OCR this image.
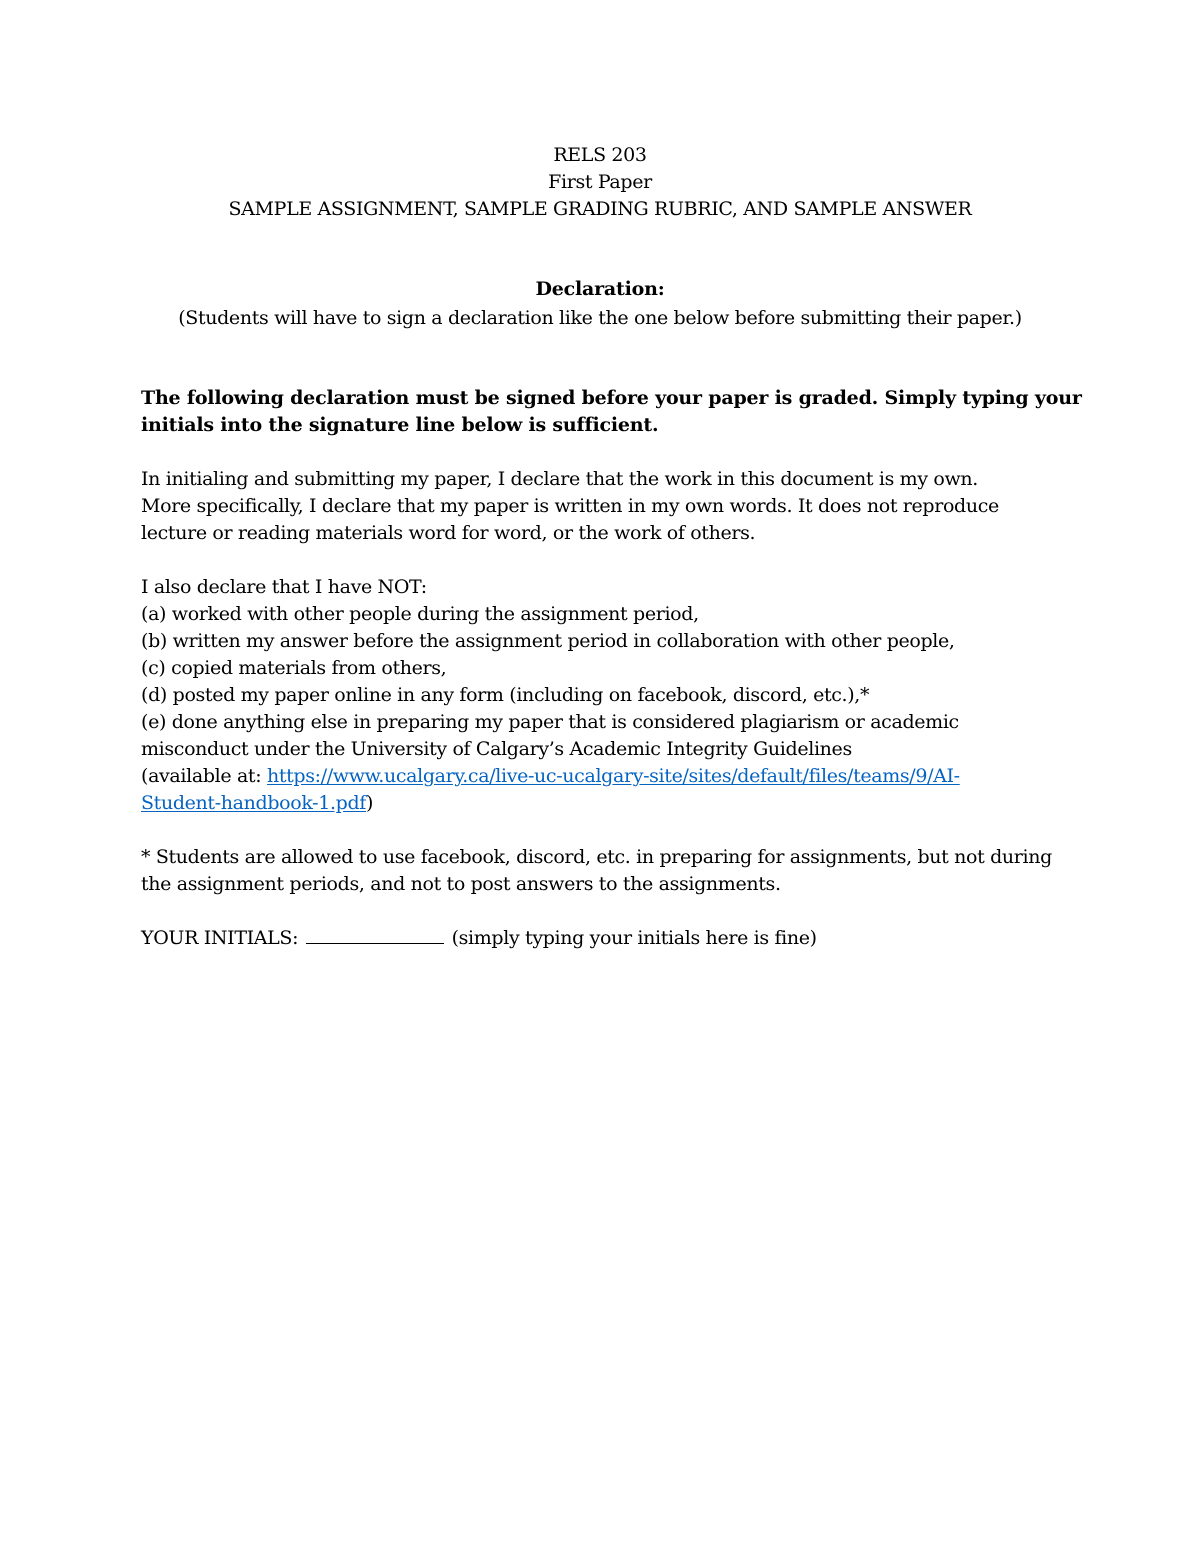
RELS 203
First Paper
SAMPLE ASSIGNMENT, SAMPLE GRADING RUBRIC, AND SAMPLE ANSWER
Declaration:
(Students will have to sign a declaration like the one below before submitting their paper.)
The following declaration must be signed before your paper is graded. Simply typing your
initials into the signature line below is sufficient.
In initialing and submitting my paper, I declare that the work in this document is my own.
More specifically, I declare that my paper is written in my own words. It does not reproduce
lecture or reading materials word for word, or the work of others.
I also declare that I have NOT:
(a) worked with other people during the assignment period,
(b) written my answer before the assignment period in collaboration with other people,
(c) copied materials from others,
(d) posted my paper online in any form (including on facebook, discord, etc.),*
(e) done anything else in preparing my paper that is considered plagiarism or academic
misconduct under the University of Calgary’s Academic Integrity Guidelines
(available at: https://www.ucalgary.ca/live-uc-ucalgary-site/sites/default/files/teams/9/AI-
Student-handbook-1.pdf)
* Students are allowed to use facebook, discord, etc. in preparing for assignments, but not during
the assignment periods, and not to post answers to the assignments.
YOUR INITIALS:	(simply typing your initials here is fine)
